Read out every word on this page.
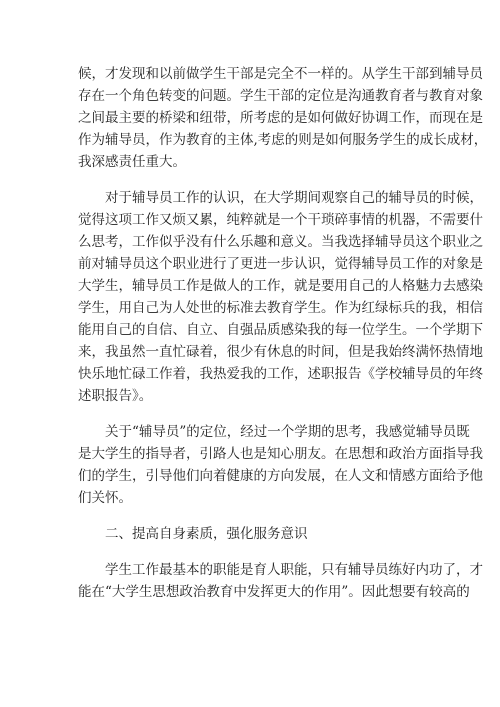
候，才发现和以前做学生干部是完全不一样的。从学生干部到辅导员
存在一个角色转变的问题。学生干部的定位是沟通教育者与教育对象
之间最主要的桥梁和纽带，所考虑的是如何做好协调工作，而现在是
作为辅导员，作为教育的主体,考虑的则是如何服务学生的成长成材，
我深感责任重大。
对于辅导员工作的认识，在大学期间观察自己的辅导员的时候，
觉得这项工作又烦又累，纯粹就是一个干琐碎事情的机器，不需要什
么思考，工作似乎没有什么乐趣和意义。当我选择辅导员这个职业之
前对辅导员这个职业进行了更进一步认识，觉得辅导员工作的对象是
大学生，辅导员工作是做人的工作，就是要用自己的人格魅力去感染
学生，用自己为人处世的标准去教育学生。作为红绿标兵的我，相信
能用自己的自信、自立、自强品质感染我的每一位学生。一个学期下
来，我虽然一直忙碌着，很少有休息的时间，但是我始终满怀热情地
快乐地忙碌工作着，我热爱我的工作，述职报告《学校辅导员的年终
述职报告》。
关于“辅导员”的定位，经过一个学期的思考，我感觉辅导员既
是大学生的指导者，引路人也是知心朋友。在思想和政治方面指导我
们的学生，引导他们向着健康的方向发展，在人文和情感方面给予他
们关怀。
二、提高自身素质，强化服务意识
学生工作最基本的职能是育人职能，只有辅导员练好内功了，才
能在“大学生思想政治教育中发挥更大的作用”。因此想要有较高的
